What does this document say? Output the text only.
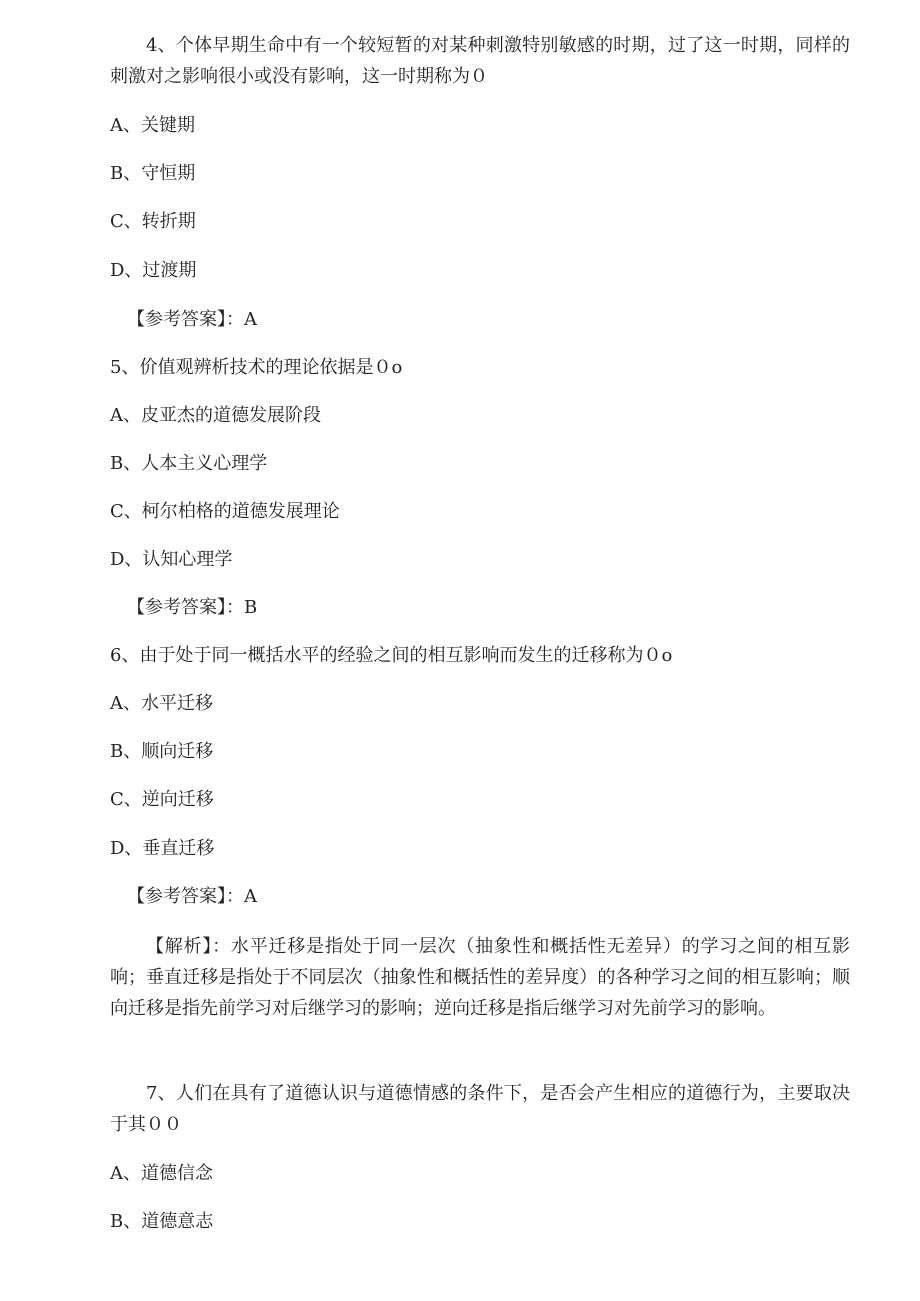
4、个体早期生命中有一个较短暂的对某种刺激特别敏感的时期，过了这一时期，同样的刺激对之影响很小或没有影响，这一时期称为０
A、关键期
B、守恒期
C、转折期
D、过渡期
【参考答案】：A
5、价值观辨析技术的理论依据是０o
A、皮亚杰的道德发展阶段
B、人本主义心理学
C、柯尔柏格的道德发展理论
D、认知心理学
【参考答案】：B
6、由于处于同一概括水平的经验之间的相互影响而发生的迁移称为０o
A、水平迁移
B、顺向迁移
C、逆向迁移
D、垂直迁移
【参考答案】：A
【解析】：水平迁移是指处于同一层次（抽象性和概括性无差异）的学习之间的相互影响；垂直迁移是指处于不同层次（抽象性和概括性的差异度）的各种学习之间的相互影响；顺向迁移是指先前学习对后继学习的影响；逆向迁移是指后继学习对先前学习的影响。
7、人们在具有了道德认识与道德情感的条件下，是否会产生相应的道德行为，主要取决于其００
A、道德信念
B、道德意志
